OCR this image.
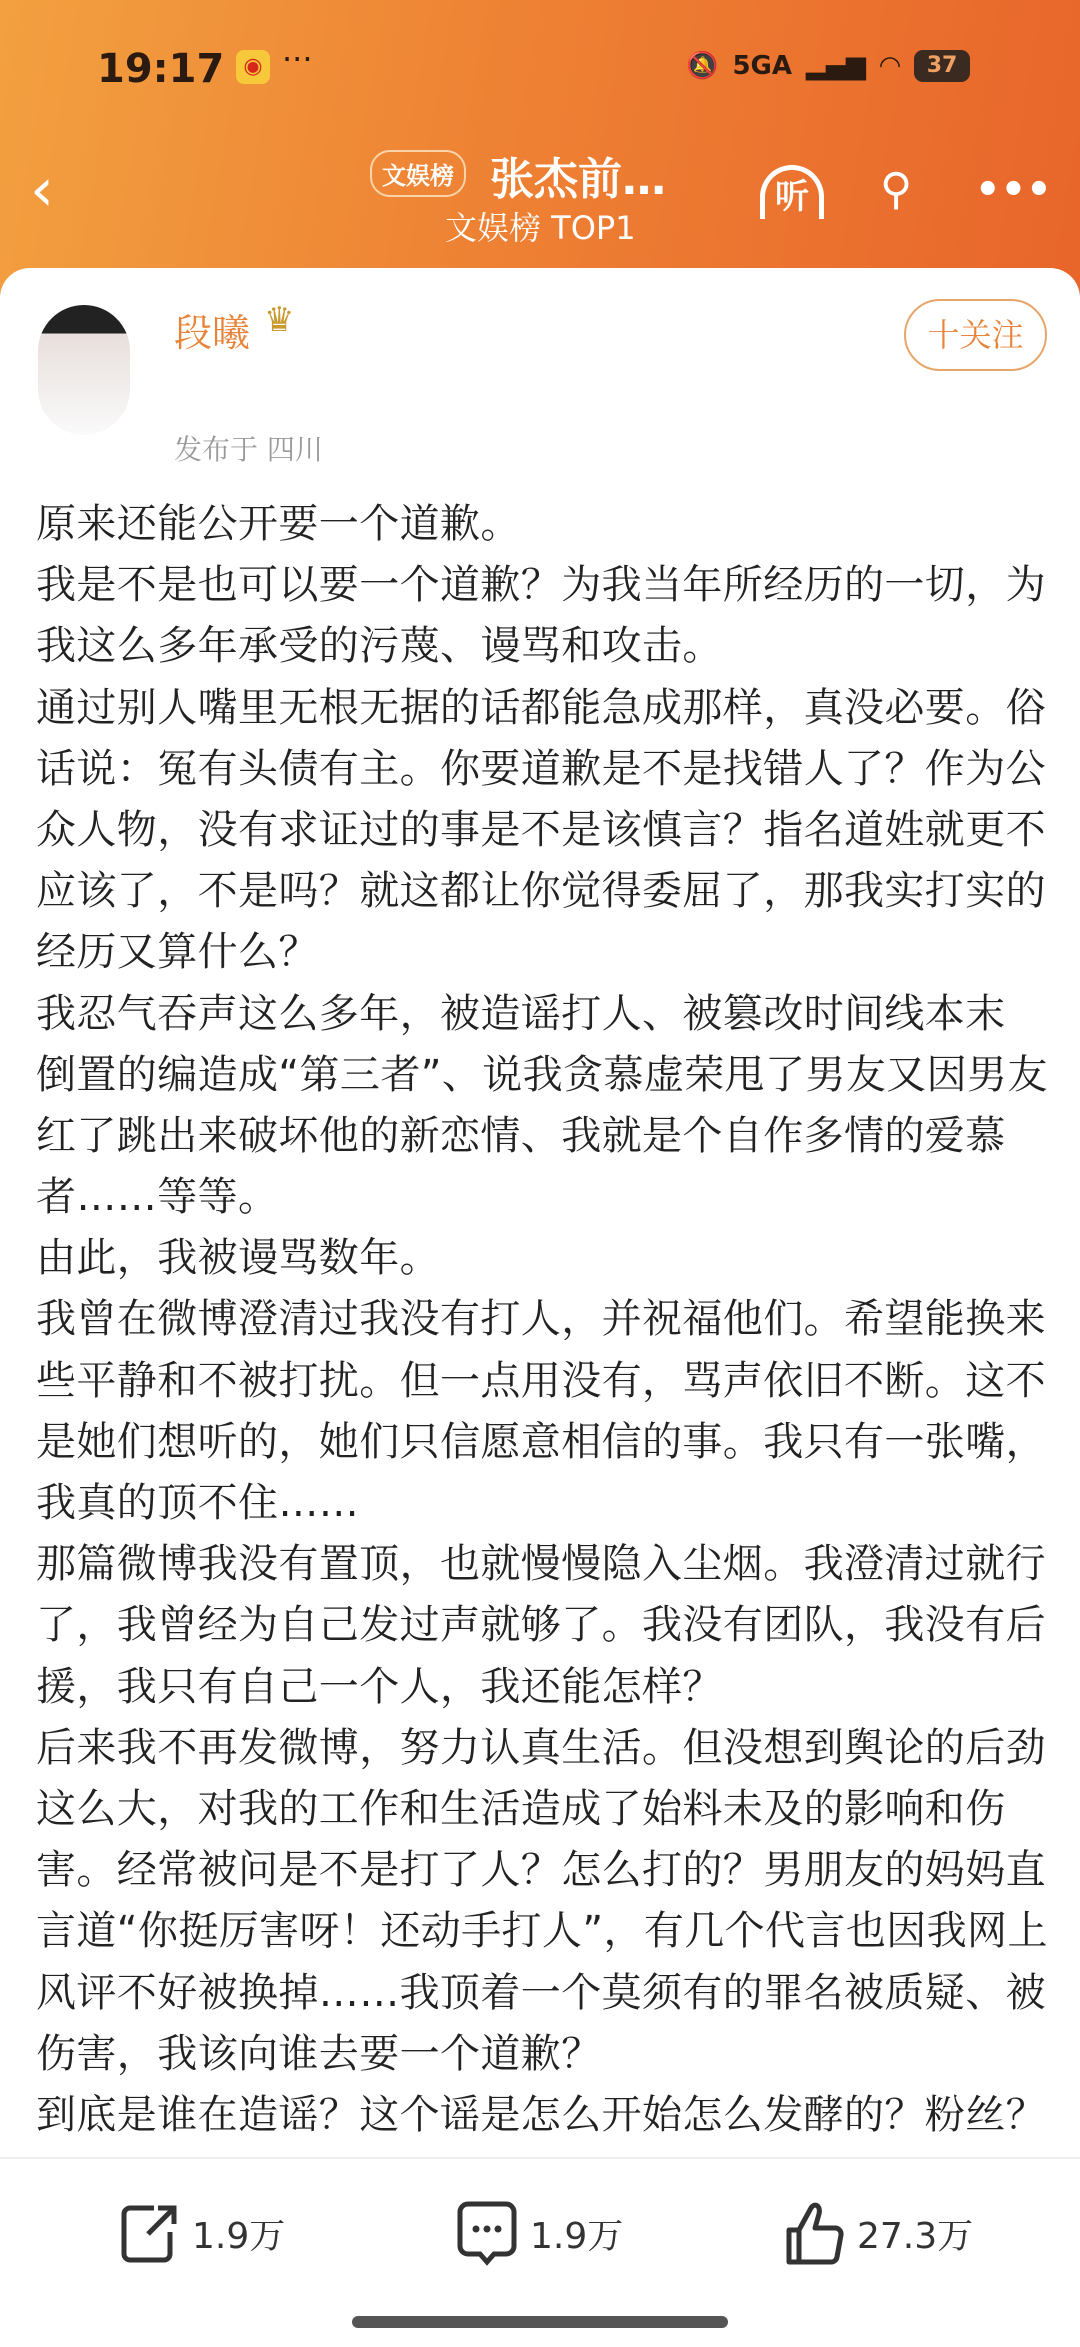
19:17 ◉ ···	🔕 5GA ▂▄▆ ◠	37
‹	文娱榜 张杰前…
文娱榜 TOP1
听	⚲ •••
段曦 ♛
发布于 四川
十关注
原来还能公开要一个道歉。
我是不是也可以要一个道歉？为我当年所经历的一切，为
我这么多年承受的污蔑、谩骂和攻击。
通过别人嘴里无根无据的话都能急成那样，真没必要。俗
话说：冤有头债有主。你要道歉是不是找错人了？作为公
众人物，没有求证过的事是不是该慎言？指名道姓就更不
应该了，不是吗？就这都让你觉得委屈了，那我实打实的
经历又算什么？
我忍气吞声这么多年，被造谣打人、被篡改时间线本末
倒置的编造成“第三者”、说我贪慕虚荣甩了男友又因男友
红了跳出来破坏他的新恋情、我就是个自作多情的爱慕
者……等等。
由此，我被谩骂数年。
我曾在微博澄清过我没有打人，并祝福他们。希望能换来
些平静和不被打扰。但一点用没有，骂声依旧不断。这不
是她们想听的，她们只信愿意相信的事。我只有一张嘴，
我真的顶不住……
那篇微博我没有置顶，也就慢慢隐入尘烟。我澄清过就行
了，我曾经为自己发过声就够了。我没有团队，我没有后
援，我只有自己一个人，我还能怎样？
后来我不再发微博，努力认真生活。但没想到舆论的后劲
这么大，对我的工作和生活造成了始料未及的影响和伤
害。经常被问是不是打了人？怎么打的？男朋友的妈妈直
言道“你挺厉害呀！还动手打人”，有几个代言也因我网上
风评不好被换掉……我顶着一个莫须有的罪名被质疑、被
伤害，我该向谁去要一个道歉？
到底是谁在造谣？这个谣是怎么开始怎么发酵的？粉丝？
1.9万	1.9万	27.3万
